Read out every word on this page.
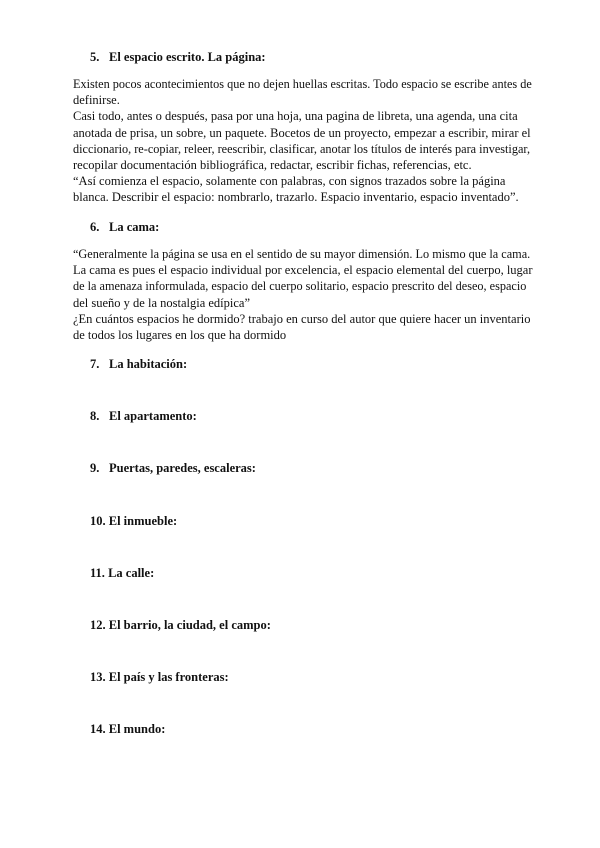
5. El espacio escrito. La página:
Existen pocos acontecimientos que no dejen huellas escritas. Todo espacio se escribe antes de
definirse.
Casi todo, antes o después, pasa por una hoja, una pagina de libreta, una agenda, una cita
anotada de prisa, un sobre, un paquete. Bocetos de un proyecto, empezar a escribir, mirar el
diccionario, re-copiar, releer, reescribir, clasificar, anotar los títulos de interés para investigar,
recopilar documentación bibliográfica, redactar, escribir fichas, referencias, etc.
“Así comienza el espacio, solamente con palabras, con signos trazados sobre la página
blanca. Describir el espacio: nombrarlo, trazarlo. Espacio inventario, espacio inventado”.
6. La cama:
“Generalmente la página se usa en el sentido de su mayor dimensión. Lo mismo que la cama.
La cama es pues el espacio individual por excelencia, el espacio elemental del cuerpo, lugar
de la amenaza informulada, espacio del cuerpo solitario, espacio prescrito del deseo, espacio
del sueño y de la nostalgia edípica”
¿En cuántos espacios he dormido? trabajo en curso del autor que quiere hacer un inventario
de todos los lugares en los que ha dormido
7. La habitación:
8. El apartamento:
9. Puertas, paredes, escaleras:
10. El inmueble:
11. La calle:
12. El barrio, la ciudad, el campo:
13. El país y las fronteras:
14. El mundo:
